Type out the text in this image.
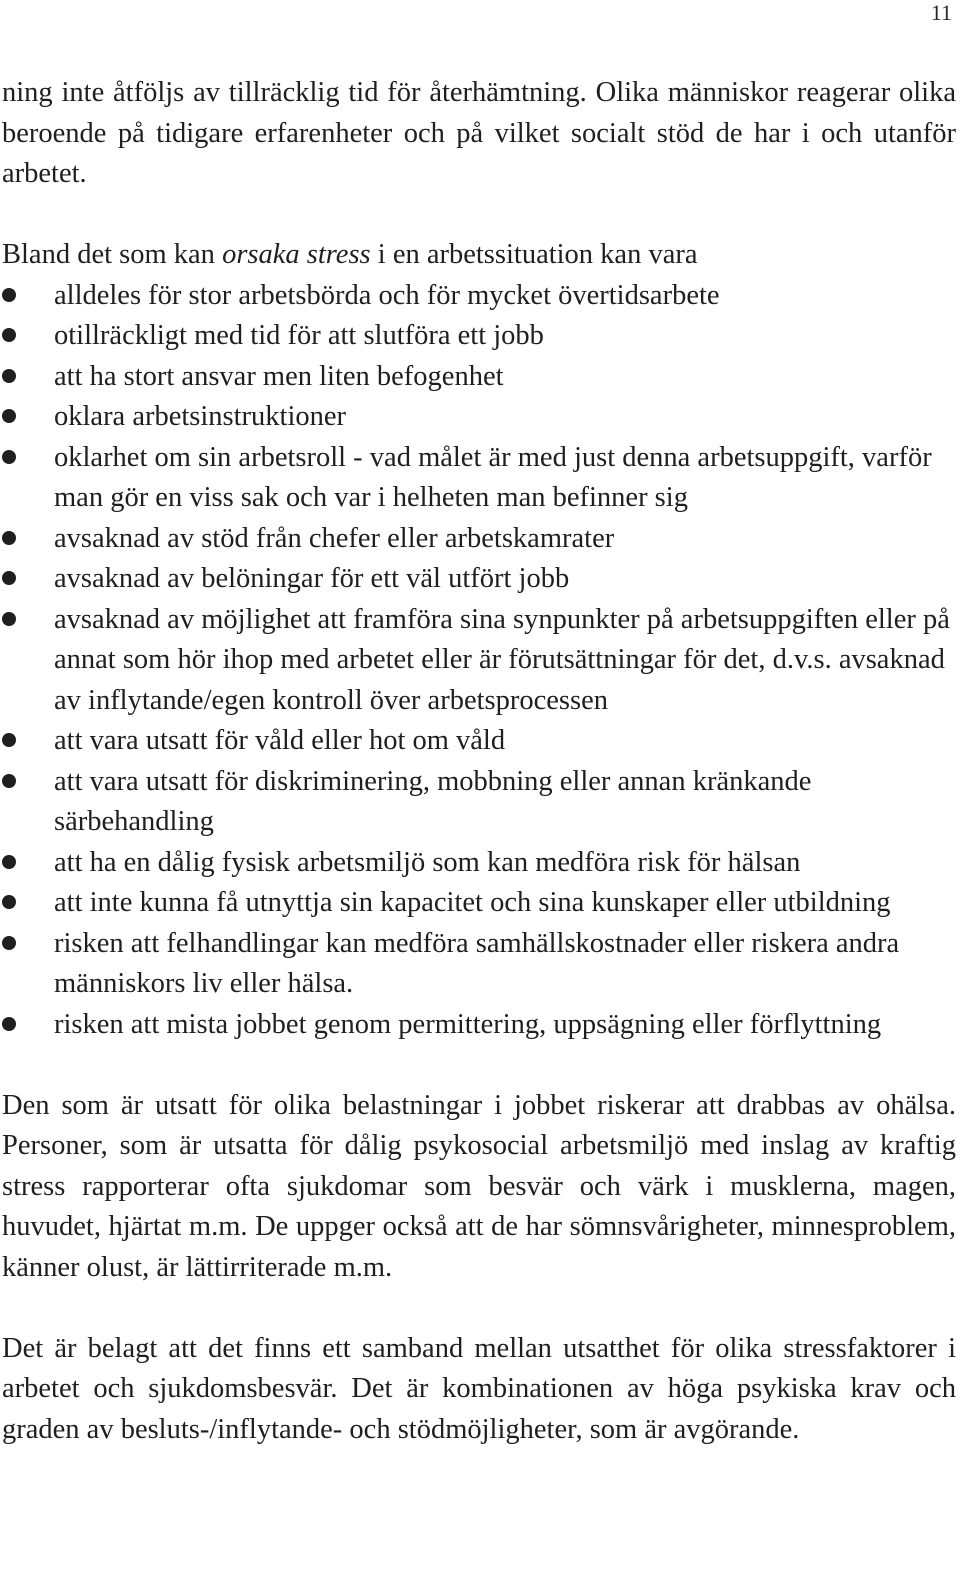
11

ning inte åtföljs av tillräcklig tid för återhämtning. Olika människor reagerar olika beroende på tidigare erfarenheter och på vilket socialt stöd de har i och utanför arbetet.

Bland det som kan orsaka stress i en arbetssituation kan vara

alldeles för stor arbetsbörda och för mycket övertidsarbete
otillräckligt med tid för att slutföra ett jobb
att ha stort ansvar men liten befogenhet
oklara arbetsinstruktioner
oklarhet om sin arbetsroll - vad målet är med just denna arbetsuppgift, varför man gör en viss sak och var i helheten man befinner sig
avsaknad av stöd från chefer eller arbetskamrater
avsaknad av belöningar för ett väl utfört jobb
avsaknad av möjlighet att framföra sina synpunkter på arbetsuppgiften eller på annat som hör ihop med arbetet eller är förutsättningar för det, d.v.s. avsaknad av inflytande/egen kontroll över arbetsprocessen
att vara utsatt för våld eller hot om våld
att vara utsatt för diskriminering, mobbning eller annan kränkande särbehandling
att ha en dålig fysisk arbetsmiljö som kan medföra risk för hälsan
att inte kunna få utnyttja sin kapacitet och sina kunskaper eller utbildning
risken att felhandlingar kan medföra samhällskostnader eller riskera andra människors liv eller hälsa.
risken att mista jobbet genom permittering, uppsägning eller förflyttning

Den som är utsatt för olika belastningar i jobbet riskerar att drabbas av ohälsa. Personer, som är utsatta för dålig psykosocial arbetsmiljö med inslag av kraftig stress rapporterar ofta sjukdomar som besvär och värk i musklerna, magen, huvudet, hjärtat m.m. De uppger också att de har sömnsvårigheter, minnesproblem, känner olust, är lättirriterade m.m.

Det är belagt att det finns ett samband mellan utsatthet för olika stressfaktorer i arbetet och sjukdomsbesvär. Det är kombinationen av höga psykiska krav och graden av besluts-/inflytande- och stödmöjligheter, som är avgörande.
